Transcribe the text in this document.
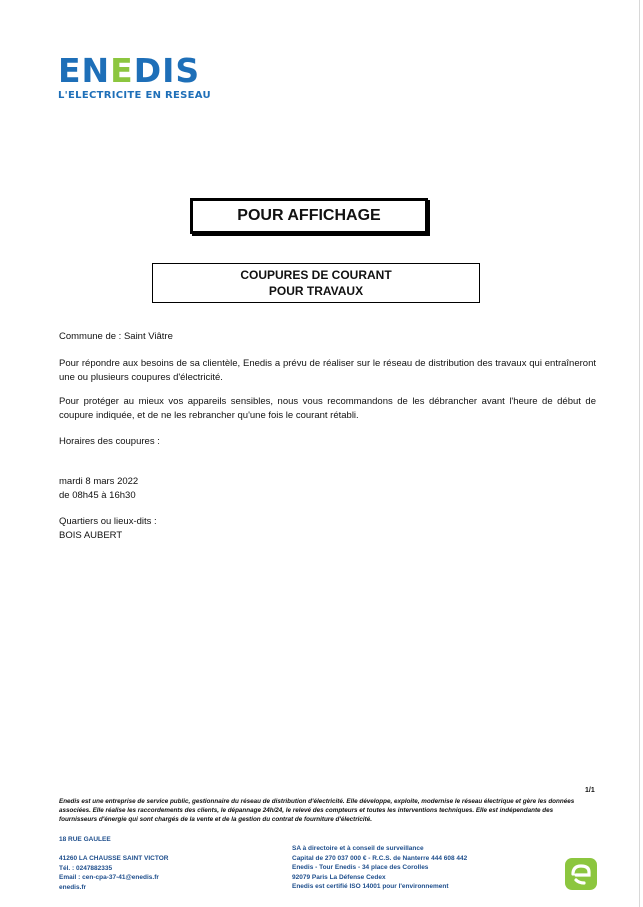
ENEDIS
L'ELECTRICITE EN RESEAU
POUR AFFICHAGE
COUPURES DE COURANT
POUR TRAVAUX

Commune de : Saint Viâtre

Pour répondre aux besoins de sa clientèle, Enedis a prévu de réaliser sur le réseau de distribution des travaux qui entraîneront une ou plusieurs coupures d'électricité.

Pour protéger au mieux vos appareils sensibles, nous vous recommandons de les débrancher avant l'heure de début de coupure indiquée, et de ne les rebrancher qu'une fois le courant rétabli.

Horaires des coupures :

mardi 8 mars 2022

de 08h45 à 16h30

Quartiers ou lieux-dits :

BOIS AUBERT

1/1
Enedis est une entreprise de service public, gestionnaire du réseau de distribution d'électricité. Elle développe, exploite, modernise le réseau électrique et gère les données associées. Elle réalise les raccordements des clients, le dépannage 24h/24, le relevé des compteurs et toutes les interventions techniques. Elle est indépendante des fournisseurs d'énergie qui sont chargés de la vente et de la gestion du contrat de fourniture d'électricité.
18 RUE GAULEE

41260 LA CHAUSSE SAINT VICTOR
Tél. : 0247882335
Email : cen-cpa-37-41@enedis.fr
enedis.fr
SA à directoire et à conseil de surveillance
Capital de 270 037 000 € - R.C.S. de Nanterre 444 608 442
Enedis - Tour Enedis - 34 place des Corolles
92079 Paris La Défense Cedex
Enedis est certifié ISO 14001 pour l'environnement
